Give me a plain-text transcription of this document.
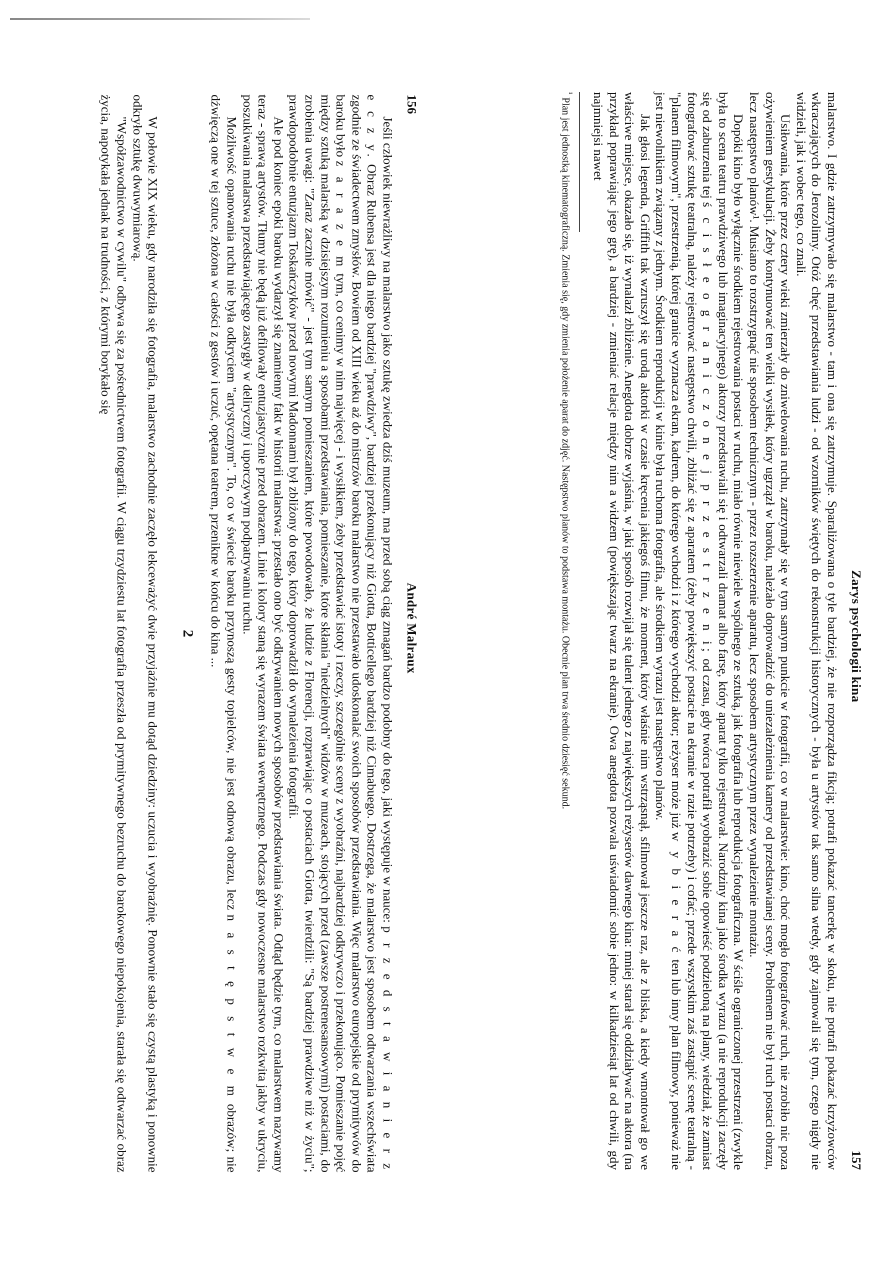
156
André Malraux

Jeśli człowiek niewrażliwy na malarstwo jako sztukę zwiedza dziś muzeum, ma przed sobą ciąg zmagań bardzo podobny do tego, jaki występuje w nauce: p r z e d s t a w i a n i e r z e c z y. Obraz Rubensa jest dla niego bardziej "prawdziwy", bardziej przekonujący niż Giotta, Botticellego bardziej niż Cimabuego. Dostrzega, że malarstwo jest sposobem odtwarzania wszechświata zgodnie ze świadectwem zmysłów. Bowiem od XIII wieku aż do mistrzów baroku malarstwo nie przestawało udoskonalać swoich sposobów przedstawiania. Więc malarstwo europejskie od prymitywów do baroku było z a r a z e m tym, co cenimy w nim najwięcej - i wysiłkiem, żeby przedstawiać istoty i rzeczy, szczególnie sceny z wyobraźni, najbardziej odkrywczo i przekonująco. Pomieszanie pojęć między sztuką malarską w dzisiejszym rozumieniu a sposobami przedstawiania, pomieszanie, które skłania "niedzielnych" widzów w muzeach, stojących przed (zawsze postrenesansowymi) postaciami, do zrobienia uwagi: "Zaraz zacznie mówić" - jest tym samym pomieszaniem, które powodowało, że ludzie z Florencji, rozprawiając o postaciach Giotta, twierdzili: "Są bardziej prawdziwe niż w życiu"; prawdopodobnie entuzjazm Toskańczyków przed nowymi Madonnami był zbliżony do tego, który doprowadził do wynalezienia fotografii.

Ale pod koniec epoki baroku wydarzył się znamienny fakt w historii malarstwa: przestało ono być odkrywaniem nowych sposobów przedstawiania świata. Odtąd będzie tym, co malarstwem nazywamy teraz - sprawą artystów. Tłumy nie będą już defilowały entuzjastycznie przed obrazem. Linie i kolory staną się wyrazem świata wewnętrznego. Podczas gdy nowoczesne malarstwo rozkwita jakby w ukryciu, poszukiwania malarstwa przedstawiającego zastygły w deliryczny i uporczywym podpatrywaniu ruchu.

Możliwość opanowania ruchu nie była odkryciem "artystycznym". To, co w świecie baroku przynoszą gesty topielców, nie jest odnową obrazu, lecz n a s t ę p s t w e m obrazów; nie dźwięczą one w tej sztuce, złożona w całości z gestów i uczuć, opętana teatrem, przenikne w końcu do kina ...

2

W połowie XIX wieku, gdy narodziła się fotografia, malarstwo zachodnie zaczęło lekceważyć dwie przyjaźnie mu dotąd dziedziny: uczucia i wyobraźnię. Ponownie stało się czystą plastyką i ponownie odkryło sztukę dwuwymiarową.

"Współzawodnictwo w cywilu" odbywa się za pośrednictwem fotografii. W ciągu trzydziestu lat fotografia przeszła od prymitywnego bezruchu do barokowego niepokojenia, starała się odtwarzać obraz życia, napotykała jednak na trudności, z którymi borykało się

Zarys psychologii kina
157

malarstwo. I gdzie zatrzymywało się malarstwo - tam i ona się zatrzymuje. Sparaliżowana o tyle bardziej, że nie rozporządza fikcją; potrafi pokazać tancerkę w skoku, nie potrafi pokazać krzyżowców wkraczających do Jerozolimy. Otóż chęć przedstawiania ludzi - od wzorników świętych do rekonstrukcji historycznych - była u artystów tak samo silna wtedy, gdy zajmowali się tym, czego nigdy nie widzieli, jak i wobec tego, co znali.

Usiłowania, które przez cztery wieki zmierzały do zniwelowania ruchu, zatrzymały się w tym samym punkcie w fotografii, co w malarstwie: kino, choć mogło fotografować ruch, nie zrobiło nic poza ożywieniem gestykulacji. Żeby kontynuować ten wielki wysiłek, który ugrzązł w baroku, należało doprowadzić do uniezależnienia kamery od przedstawianej sceny. Problemem nie był ruch postaci obrazu, lecz następstwo planów¹. Musiano to rozstrzygnąć nie sposobem technicznym - przez rozszerzenie aparatu, lecz sposobem artystycznym przez wynalezienie montażu.

Dopóki kino było wyłącznie środkiem rejestrowania postaci w ruchu, miało równie niewiele wspólnego ze sztuką, jak fotografia lub reprodukcja fotograficzna. W ściśle ograniczonej przestrzeni (zwykle była to scena teatru prawdziwego lub imaginacyjnego) aktorzy przedstawiali się i odtwarzali dramat albo farsę, który aparat tylko rejestrował. Narodziny kina jako środka wyrazu (a nie reprodukcji zaczęły się od zaburzenia tej ś c i s ł e o g r a n i c z o n e j p r z e s t r z e n i; od czasu, gdy twórca potrafił wyobrazić sobie opowieść podzieloną na plany, wiedział, że zamiast fotografować sztukę teatralną, należy rejestrować następstwo chwili, zbliżać się z aparatem (żeby powiększyć postacie na ekranie w razie potrzeby) i cofać; przede wszystkim zaś zastąpić scenę teatralną - "planem filmowym", przestrzenią, której granice wyznacza ekran, kadrem, do którego wchodzi i z którego wychodzi aktor; reżyser może już w y b i e r a ć ten lub inny plan filmowy, ponieważ nie jest niewolnikiem związany z jednym. Środkiem reprodukcji w kinie była ruchoma fotografia, ale środkiem wyrazu jest następstwo planów.

Jak głosi legenda, Griffith tak wzruszył się urodą aktorki w czasie kręcenia jakiegoś filmu, że moment, który właśnie nim wstrząsnął, sfilmował jeszcze raz, ale z bliska, a kiedy wmontował go we właściwe miejsce, okazało się, iż wynalazł zbliżenie. Anegdota dobrze wyjaśnia, w jaki sposób rozwijał się talent jednego z największych reżyserów dawnego kina: mniej starał się oddziaływać na aktora (na przykład poprawiając jego grę), a bardziej - zmieniać relacje między nim a widzem (powiększając twarz na ekranie). Owa anegdota pozwala uświadomić sobie jedno: w kilkadziesiąt lat od chwili, gdy najmniejsi nawet

$^{^1}$Plan jest jednostką kinematograficzną. Zmienia się, gdy zmienia położenie aparat do zdjęć. Następstwo planów to podstawa montażu. Obecnie plan trwa średnio dziesięć sekund.
